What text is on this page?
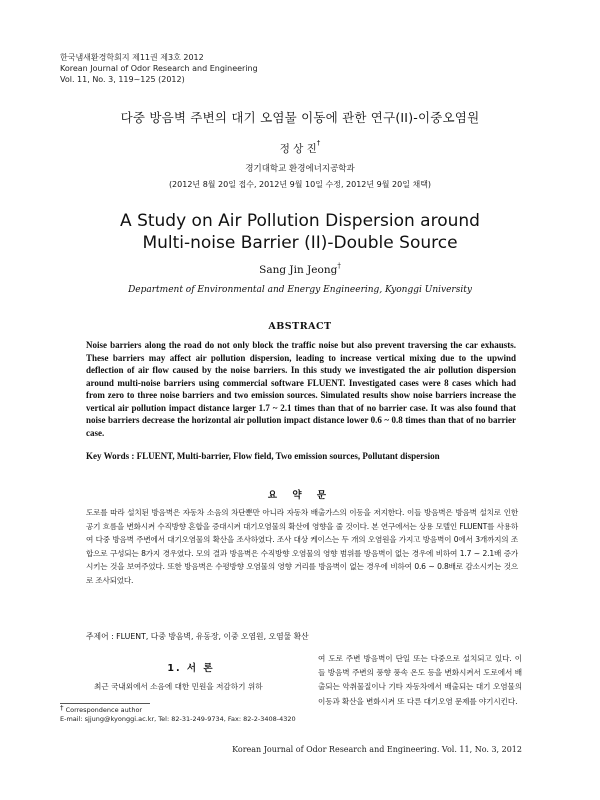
한국냄새환경학회지 제11권 제3호 2012
Korean Journal of Odor Research and Engineering
Vol. 11, No. 3, 119~125 (2012)
다중 방음벽 주변의 대기 오염물 이동에 관한 연구(II)-이중오염원
정 상 진†
경기대학교 환경에너지공학과
(2012년 8월 20일 접수, 2012년 9월 10일 수정, 2012년 9월 20일 채택)
A Study on Air Pollution Dispersion around
Multi-noise Barrier (II)-Double Source
Sang Jin Jeong†
Department of Environmental and Energy Engineering, Kyonggi University
ABSTRACT
Noise barriers along the road do not only block the traffic noise but also prevent traversing the car exhausts. These barriers may affect air pollution dispersion, leading to increase vertical mixing due to the upwind deflection of air flow caused by the noise barriers. In this study we investigated the air pollution dispersion around multi-noise barriers using commercial software FLUENT. Investigated cases were 8 cases which had from zero to three noise barriers and two emission sources. Simulated results show noise barriers increase the vertical air pollution impact distance larger 1.7 ~ 2.1 times than that of no barrier case. It was also found that noise barriers decrease the horizontal air pollution impact distance lower 0.6 ~ 0.8 times than that of no barrier case.
Key Words : FLUENT, Multi-barrier, Flow field, Two emission sources, Pollutant dispersion
요 약 문
도로를 따라 설치된 방음벽은 자동차 소음의 차단뿐만 아니라 자동차 배출가스의 이동을 저지한다. 이들 방음벽은 방음벽 설치로 인한 공기 흐름을 변화시켜 수직방향 혼합을 증대시켜 대기오염물의 확산에 영향을 줄 것이다. 본 연구에서는 상용 모델인 FLUENT를 사용하여 다중 방음벽 주변에서 대기오염물의 확산을 조사하였다. 조사 대상 케이스는 두 개의 오염원을 가지고 방음벽이 0에서 3개까지의 조합으로 구성되는 8가지 경우였다. 모의 결과 방음벽은 수직방향 오염물의 영향 범위를 방음벽이 없는 경우에 비하여 1.7 ~ 2.1배 증가시키는 것을 보여주었다. 또한 방음벽은 수평방향 오염물의 영향 거리를 방음벽이 없는 경우에 비하여 0.6 ~ 0.8배로 감소시키는 것으로 조사되었다.
주제어 : FLUENT, 다중 방음벽, 유동장, 이중 오염원, 오염물 확산
1. 서 론
최근 국내외에서 소음에 대한 민원을 저감하기 위하
† Correspondence author
E-mail: sjjung@kyonggi.ac.kr, Tel: 82-31-249-9734, Fax: 82-2-3408-4320
여 도로 주변 방음벽이 단일 또는 다중으로 설치되고 있다. 이들 방음벽 주변의 풍향 풍속 온도 등을 변화시켜서 도로에서 배출되는 악취물질이나 기타 자동차에서 배출되는 대기 오염물의 이동과 확산을 변화시켜 또 다른 대기오염 문제를 야기시킨다.
Korean Journal of Odor Research and Engineering. Vol. 11, No. 3, 2012
